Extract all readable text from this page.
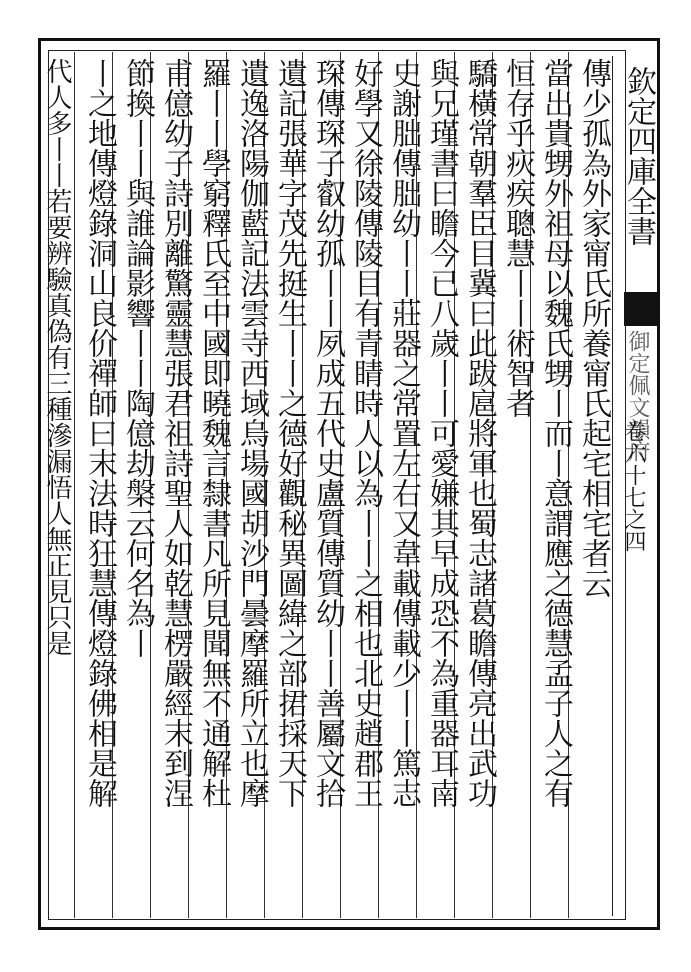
欽定四庫全書
御定佩文韻府
卷六十七之四
傳少孤為外家甯氏所養甯氏起宅相宅者云
當出貴甥外祖母以魏氏甥丨而丨意謂應之德慧孟子人之有
恒存乎疢疾聰慧丨丨術智者
驕橫常朝羣臣目冀曰此跋扈將軍也蜀志諸葛瞻傳亮出武功
與兄瑾書曰瞻今已八歲丨丨可愛嫌其早成恐不為重器耳南
史謝朏傳朏幼丨丨莊器之常置左右又韋載傳載少丨丨篤志
好學又徐陵傳陵目有青睛時人以為丨丨之相也北史趙郡王
琛傳琛子叡幼孤丨丨夙成五代史盧質傳質幼丨丨善屬文拾
遺記張華字茂先挺生丨丨之德好觀秘異圖緯之部捃採天下
遺逸洛陽伽藍記法雲寺西域烏場國胡沙門曇摩羅所立也摩
羅丨丨學窮釋氏至中國即曉魏言隸書凡所見聞無不通解杜
甫億幼子詩別離驚靈慧張君祖詩聖人如乾慧楞嚴經末到涅
節換丨丨與誰論影響丨丨陶億劫槃云何名為丨
丨之地傳燈錄洞山良价禪師曰末法時狂慧傳燈錄佛相是解
代人多丨丨若要辨驗真偽有三種滲漏悟人無正見只是
